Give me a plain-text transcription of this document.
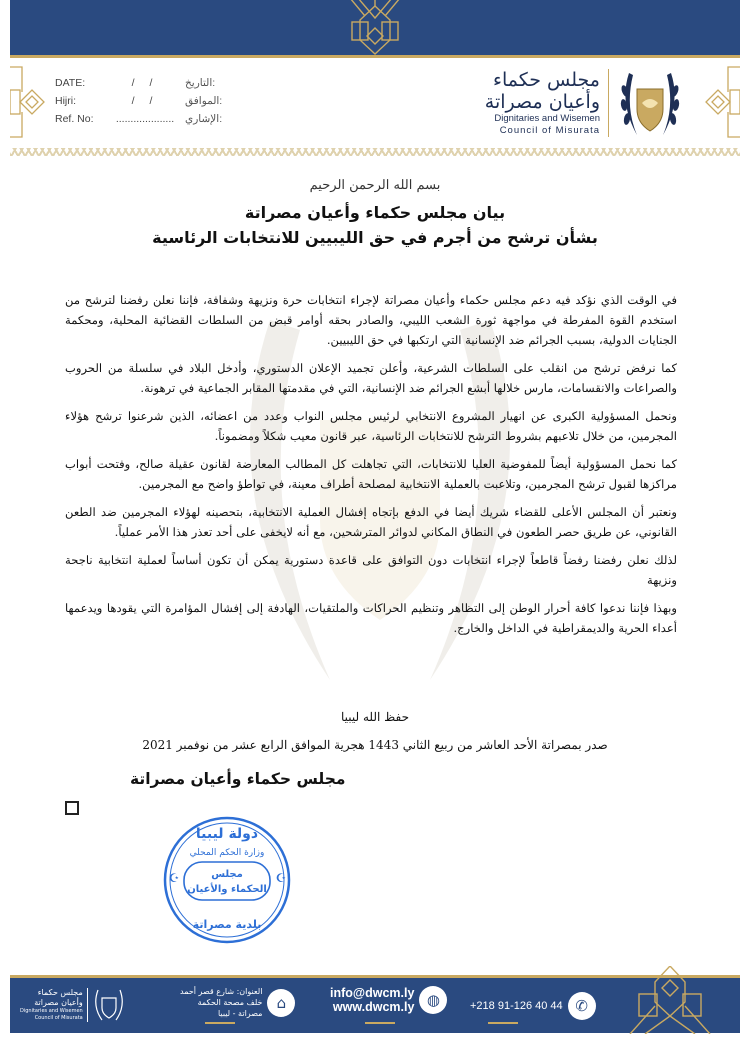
DATE:	/ /	:التاريخ
Hijri:	/ /	:الموافق
Ref. No:	....................	:الإشاري
مجلس حكماء
وأعيان مصراتة
Dignitaries and Wisemen
Council of Misurata
بسم الله الرحمن الرحيم
بيان مجلس حكماء وأعيان مصراتة
بشأن ترشح من أجرم في حق الليبيين للانتخابات الرئاسية

في الوقت الذي نؤكد فيه دعم مجلس حكماء وأعيان مصراتة لإجراء انتخابات حرة ونزيهة وشفافة، فإننا نعلن رفضنا لترشح من استخدم القوة المفرطة في مواجهة ثورة الشعب الليبي، والصادر بحقه أوامر قبض من السلطات القضائية المحلية، ومحكمة الجنايات الدولية، بسبب الجرائم ضد الإنسانية التي ارتكبها في حق الليبيين.

كما نرفض ترشح من انقلب على السلطات الشرعية، وأعلن تجميد الإعلان الدستوري، وأدخل البلاد في سلسلة من الحروب والصراعات والانقسامات، مارس خلالها أبشع الجرائم ضد الإنسانية، التي في مقدمتها المقابر الجماعية في ترهونة.

ونحمل المسؤولية الكبرى عن انهيار المشروع الانتخابي لرئيس مجلس النواب وعدد من اعضائه، الذين شرعنوا ترشح هؤلاء المجرمين، من خلال تلاعبهم بشروط الترشح للانتخابات الرئاسية، عبر قانون معيب شكلاً ومضموناً.

كما نحمل المسؤولية أيضاً للمفوضية العليا للانتخابات، التي تجاهلت كل المطالب المعارضة لقانون عقيلة صالح، وفتحت أبواب مراكزها لقبول ترشح المجرمين، وتلاعبت بالعملية الانتخابية لمصلحة أطراف معينة، في تواطؤ واضح مع المجرمين.

ونعتبر أن المجلس الأعلى للقضاء شريك أيضا في الدفع بإتجاه إفشال العملية الانتخابية، بتحصينه لهؤلاء المجرمين ضد الطعن القانوني، عن طريق حصر الطعون في النطاق المكاني لدوائر المترشحين، مع أنه لايخفى على أحد تعذر هذا الأمر عملياً.

لذلك نعلن رفضنا رفضاً قاطعاً لإجراء انتخابات دون التوافق على قاعدة دستورية يمكن أن تكون أساساً لعملية انتخابية ناجحة ونزيهة

وبهذا فإننا ندعوا كافة أحرار الوطن إلى التظاهر وتنظيم الحراكات والملتقيات، الهادفة إلى إفشال المؤامرة التي يقودها ويدعمها أعداء الحرية والديمقراطية في الداخل والخارج.

حفظ الله ليبيا
صدر بمصراتة الأحد العاشر من ربيع الثاني 1443 هجرية الموافق الرابع عشر من نوفمبر 2021
مجلس حكماء وأعيان مصراتة
دولة ليبيا
وزارة الحكم المحلي
مجلس
الحكماء والأعيان
بلدية مصراتة
☪	☪
مجلس حكماء
وأعيان مصراتة
Dignitaries and Wisemen
Council of Misurata
العنوان: شارع قصر أحمد
خلف مصحة الحكمة
مصراتة - ليبيا
⌂
info@dwcm.ly
www.dwcm.ly ◍	+218 91-126 40 44 ✆
